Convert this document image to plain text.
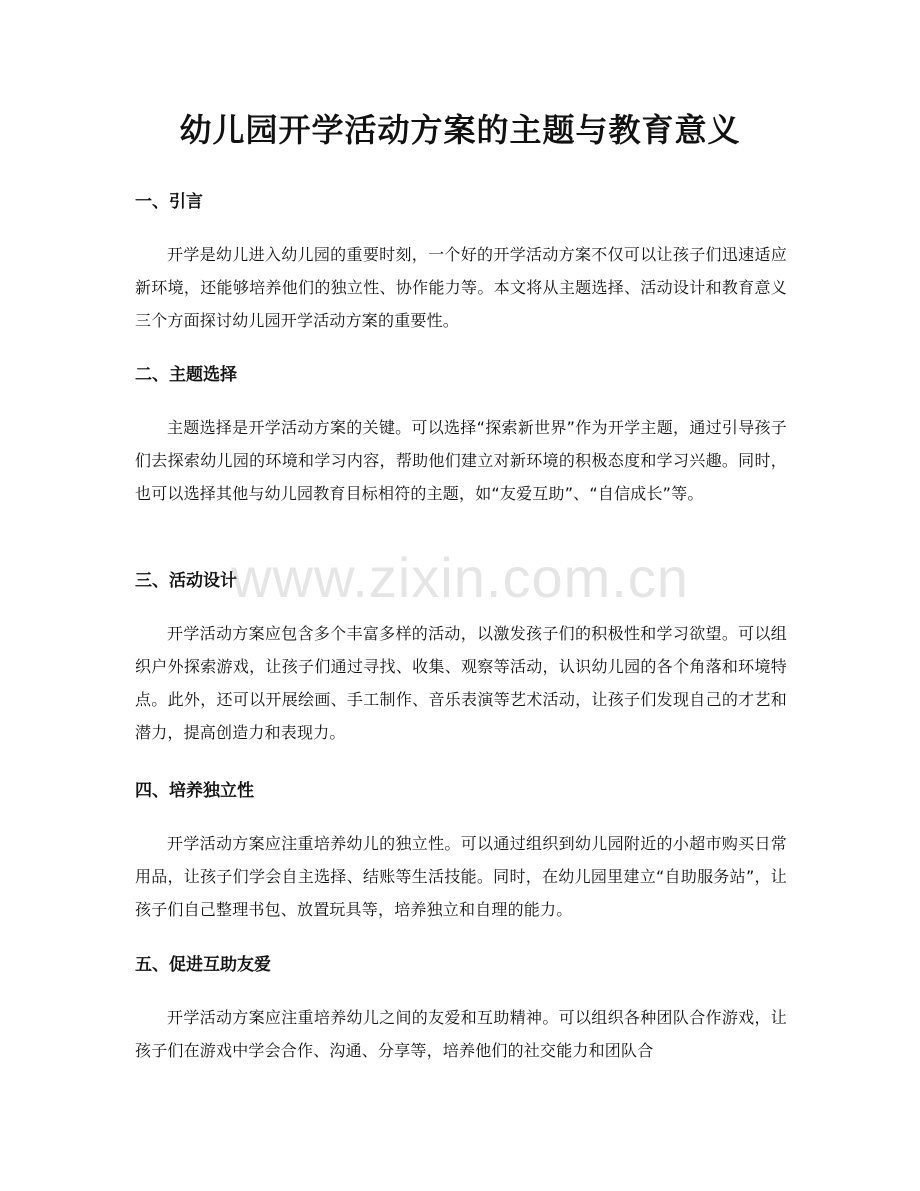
幼儿园开学活动方案的主题与教育意义
一、引言

开学是幼儿进入幼儿园的重要时刻，一个好的开学活动方案不仅可以让孩子们迅速适应新环境，还能够培养他们的独立性、协作能力等。本文将从主题选择、活动设计和教育意义三个方面探讨幼儿园开学活动方案的重要性。

二、主题选择

主题选择是开学活动方案的关键。可以选择“探索新世界”作为开学主题，通过引导孩子们去探索幼儿园的环境和学习内容，帮助他们建立对新环境的积极态度和学习兴趣。同时，也可以选择其他与幼儿园教育目标相符的主题，如“友爱互助”、“自信成长”等。

三、活动设计

开学活动方案应包含多个丰富多样的活动，以激发孩子们的积极性和学习欲望。可以组织户外探索游戏，让孩子们通过寻找、收集、观察等活动，认识幼儿园的各个角落和环境特点。此外，还可以开展绘画、手工制作、音乐表演等艺术活动，让孩子们发现自己的才艺和潜力，提高创造力和表现力。

四、培养独立性

开学活动方案应注重培养幼儿的独立性。可以通过组织到幼儿园附近的小超市购买日常用品，让孩子们学会自主选择、结账等生活技能。同时，在幼儿园里建立“自助服务站”，让孩子们自己整理书包、放置玩具等，培养独立和自理的能力。

五、促进互助友爱

开学活动方案应注重培养幼儿之间的友爱和互助精神。可以组织各种团队合作游戏，让孩子们在游戏中学会合作、沟通、分享等，培养他们的社交能力和团队合

www.zixin.com.cn
